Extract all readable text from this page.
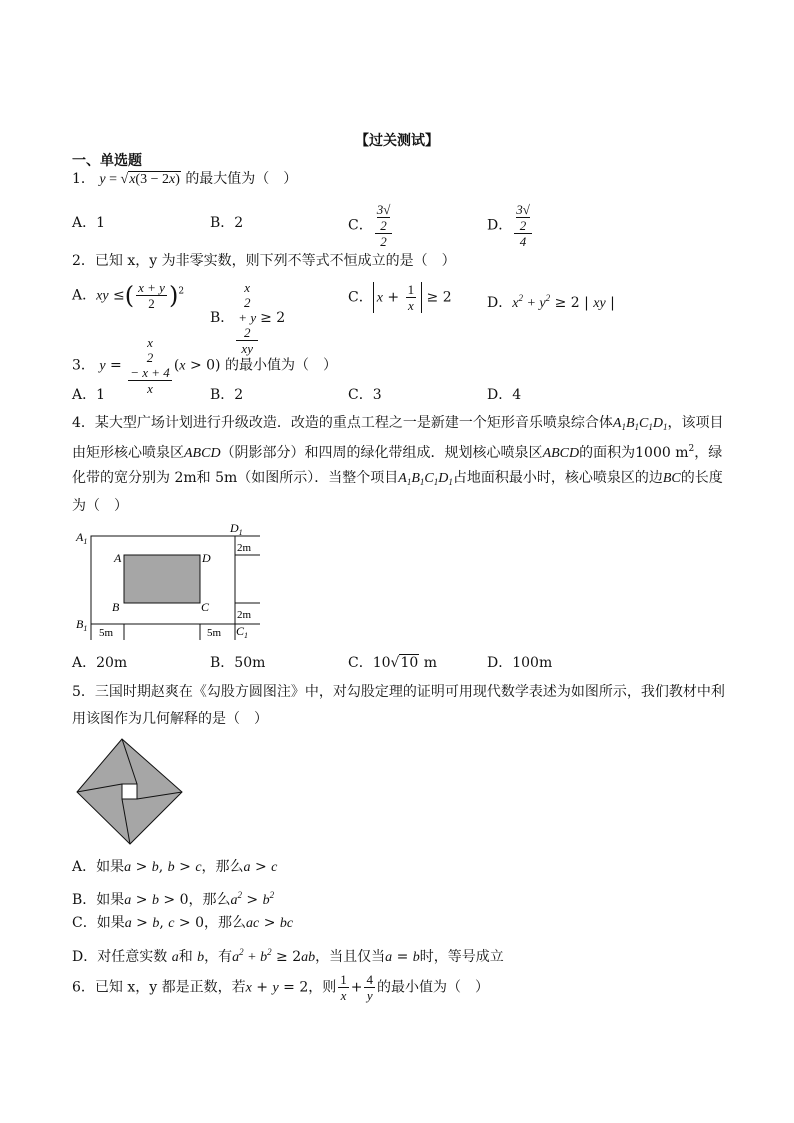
【过关测试】
一、单选题
1． y = √x(3 − 2x) 的最大值为（　）
A．1	B．2	C． 3√
2
2	D． 3√
2
4
2．已知 x，y 为非零实数，则下列不等式不恒成立的是（　）
A．xy ≤( $\frac{x + y}{2} )^2$
B． x
2
+ y
2
xy ≥ 2
C． $x + \frac{1}{x} \ge 2$	D．$x^2 + y^2 \ge 2$ | xy |
3． y = x
2
− x + 4
x (x > 0) 的最小值为（　）
A．1	B．2	C．3	D．4
4．某大型广场计划进行升级改造．改造的重点工程之一是新建一个矩形音乐喷泉综合体$A_1B_1C_1D_1$，该项目
由矩形核心喷泉区ABCD（阴影部分）和四周的绿化带组成．规划核心喷泉区ABCD的面积为1000 $m^2$，绿
化带的宽分别为 2m和 5m（如图所示）．当整个项目$A_1B_1C_1D_1$占地面积最小时，核心喷泉区的边BC的长度
为（　）
$A_1$
$D_1$
$B_1$	$C_1$
A	D
B	C
2m
2m
5m	5m
A．20m	B．50m	C．10√10 m	D．100m
5．三国时期赵爽在《勾股方圆图注》中，对勾股定理的证明可用现代数学表述为如图所示，我们教材中利
用该图作为几何解释的是（　）
A．如果a > b, b > c，那么a > c
B．如果a > b > 0，那么$a^2 > b^2$
C．如果a > b, c > 0，那么ac > bc
D．对任意实数 a和 b，有$a^2 + b^2 \ge 2ab$，当且仅当a = b时，等号成立
6．已知 x，y 都是正数，若x + y = 2，则 $\frac{1}{x} + \frac{4}{y}$ 的最小值为（　）
